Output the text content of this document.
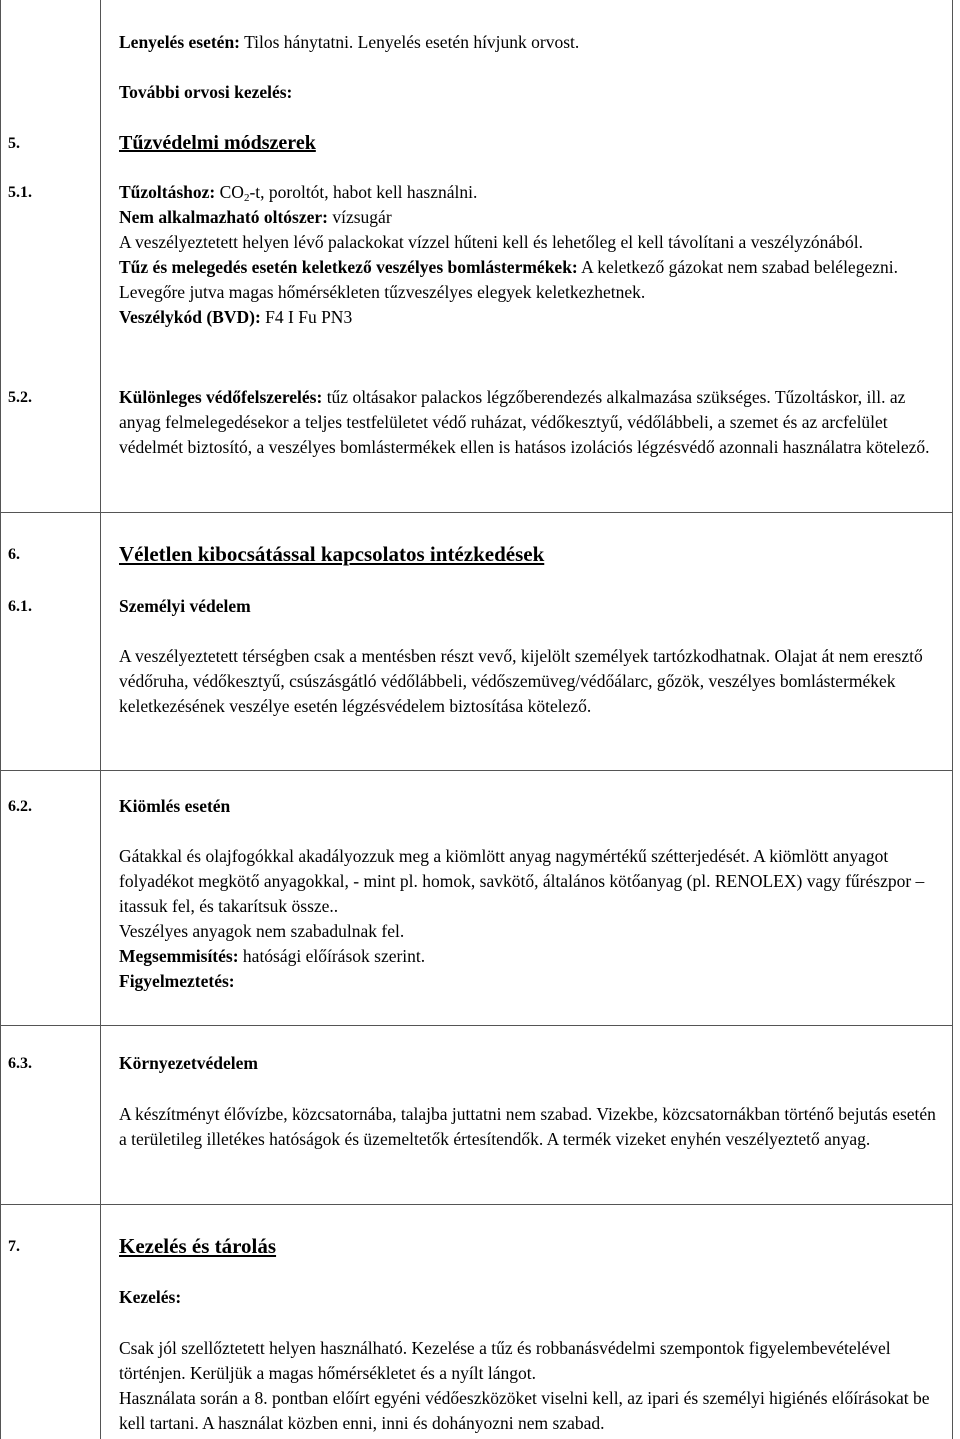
Lenyelés esetén: Tilos hánytatni. Lenyelés esetén hívjunk orvost.

További orvosi kezelés:

5.	Tűzvédelmi módszerek
5.1.	Tűzoltáshoz: $CO_2-t$, poroltót, habot kell használni.

Nem alkalmazható oltószer: vízsugár

A veszélyeztetett helyen lévő palackokat vízzel hűteni kell és lehetőleg el kell távolítani a veszélyzónából.

Tűz és melegedés esetén keletkező veszélyes bomlástermékek: A keletkező gázokat nem szabad belélegezni. Levegőre jutva magas hőmérsékleten tűzveszélyes elegyek keletkezhetnek.

Veszélykód (BVD): F4 I Fu PN3

5.2.	Különleges védőfelszerelés: tűz oltásakor palackos légzőberendezés alkalmazása szükséges. Tűzoltáskor, ill. az anyag felmelegedésekor a teljes testfelületet védő ruházat, védőkesztyű, védőlábbeli, a szemet és az arcfelület védelmét biztosító, a veszélyes bomlástermékek ellen is hatásos izolációs légzésvédő azonnali használatra kötelező.

6.	Véletlen kibocsátással kapcsolatos intézkedések
6.1.	Személyi védelem

A veszélyeztetett térségben csak a mentésben részt vevő, kijelölt személyek tartózkodhatnak. Olajat át nem eresztő védőruha, védőkesztyű, csúszásgátló védőlábbeli, védőszemüveg/védőálarc, gőzök, veszélyes bomlástermékek keletkezésének veszélye esetén légzésvédelem biztosítása kötelező.

6.2.	Kiömlés esetén

Gátakkal és olajfogókkal akadályozzuk meg a kiömlött anyag nagymértékű szétterjedését. A kiömlött anyagot folyadékot megkötő anyagokkal, - mint pl. homok, savkötő, általános kötőanyag (pl. RENOLEX) vagy fűrészpor – itassuk fel, és takarítsuk össze..

Veszélyes anyagok nem szabadulnak fel.

Megsemmisítés: hatósági előírások szerint.

Figyelmeztetés:

6.3.	Környezetvédelem

A készítményt élővízbe, közcsatornába, talajba juttatni nem szabad. Vizekbe, közcsatornákban történő bejutás esetén a területileg illetékes hatóságok és üzemeltetők értesítendők. A termék vizeket enyhén veszélyeztető anyag.

7.	Kezelés és tárolás

Kezelés:

Csak jól szellőztetett helyen használható. Kezelése a tűz és robbanásvédelmi szempontok figyelembevételével történjen. Kerüljük a magas hőmérsékletet és a nyílt lángot.

Használata során a 8. pontban előírt egyéni védőeszközöket viselni kell, az ipari és személyi higiénés előírásokat be kell tartani. A használat közben enni, inni és dohányozni nem szabad.
